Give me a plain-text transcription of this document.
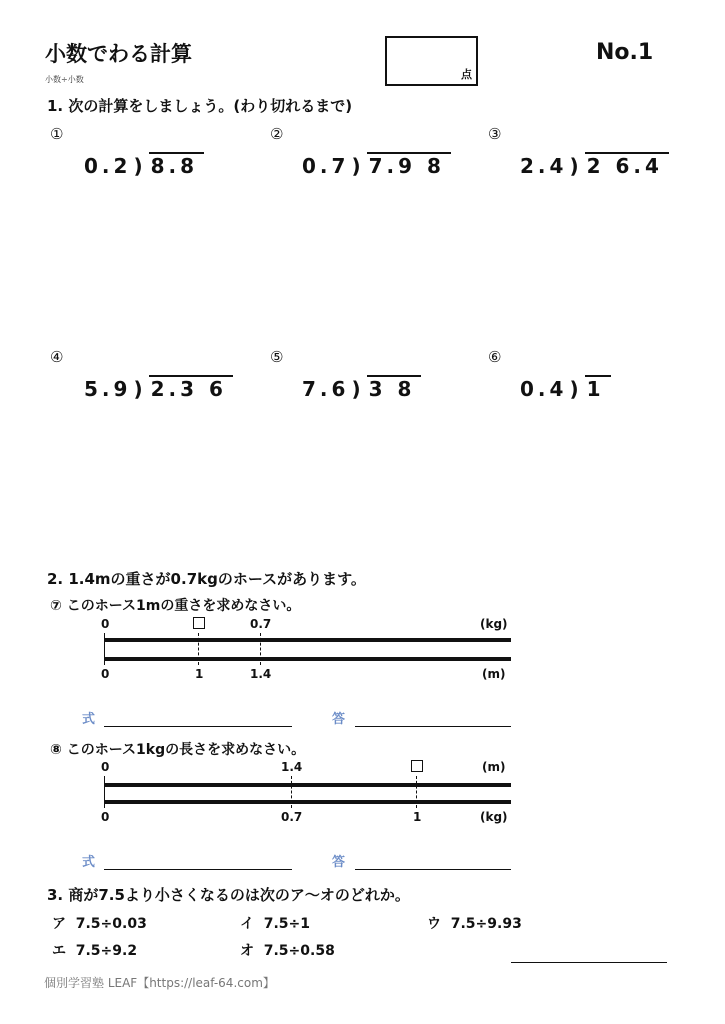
小数でわる計算
小数÷小数	点
No.1
1. 次の計算をしましょう。(わり切れるまで)
①
0.2 ) 8.8
②
0.7 ) 7.9 8
③
2.4 ) 2 6.4
④
5.9 ) 2.3 6
⑤
7.6 ) 3 8
⑥
0.4 ) 1
2. 1.4mの重さが0.7kgのホースがあります。
⑦ このホース1mの重さを求めなさい。
0	0.7	(kg)
0	1	1.4	(m)
式	答
⑧ このホース1kgの長さを求めなさい。
0	1.4	(m)
0	0.7	1	(kg)
式	答
3. 商が7.5より小さくなるのは次のア〜オのどれか。
ア 7.5÷0.03	イ 7.5÷1	ウ 7.5÷9.93
エ 7.5÷9.2	オ 7.5÷0.58
個別学習塾 LEAF【https://leaf-64.com】
